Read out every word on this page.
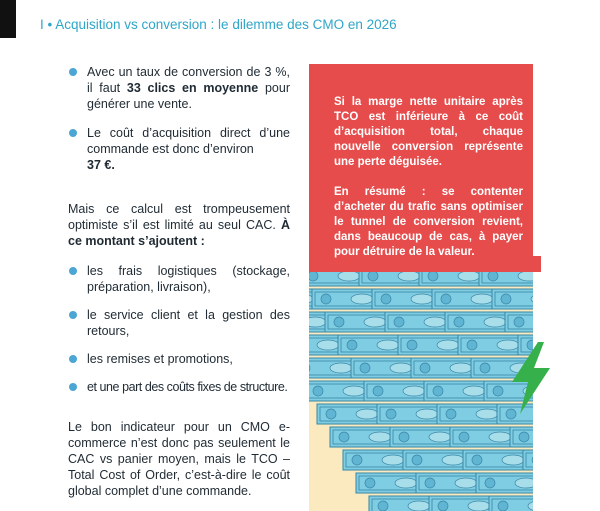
I • Acquisition vs conversion : le dilemme des CMO en 2026
Avec un taux de conversion de 3 %, il faut 33 clics en moyenne pour générer une vente.
Le coût d’acquisition direct d’une commande est donc d’environ
37 €.

Mais ce calcul est trompeusement optimiste s’il est limité au seul CAC. À ce montant s’ajoutent :

les frais logistiques (stockage, préparation, livraison),
le service client et la gestion des retours,
les remises et promotions,
et une part des coûts fixes de structure.

Le bon indicateur pour un CMO e-commerce n’est donc pas seulement le CAC vs panier moyen, mais le TCO – Total Cost of Order, c’est-à-dire le coût global complet d’une commande.

Si la marge nette unitaire après TCO est inférieure à ce coût d’acquisition total, chaque nouvelle conversion représente une perte déguisée.

En résumé : se contenter d’acheter du trafic sans optimiser le tunnel de conversion revient, dans beaucoup de cas, à payer pour détruire de la valeur.
